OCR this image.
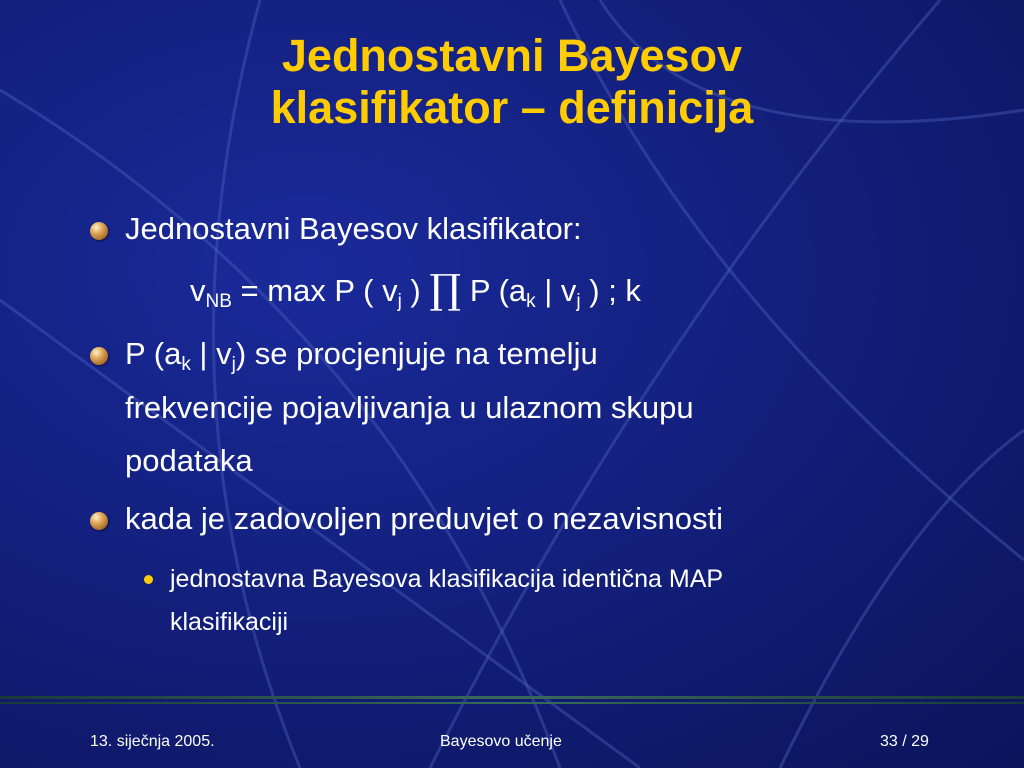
Jednostavni Bayesov
klasifikator – definicija
Jednostavni Bayesov klasifikator:
$v_{NB} = \max P$ ( $v_j$ ) ∏ P ($a_k$ | $v_j$ ) ; k
P ($a_k$ | $v_j$) se procjenjuje na temelju
frekvencije pojavljivanja u ulaznom skupu
podataka
kada je zadovoljen preduvjet o nezavisnosti
jednostavna Bayesova klasifikacija identična MAP
klasifikaciji
13. siječnja 2005.	Bayesovo učenje	33 / 29
